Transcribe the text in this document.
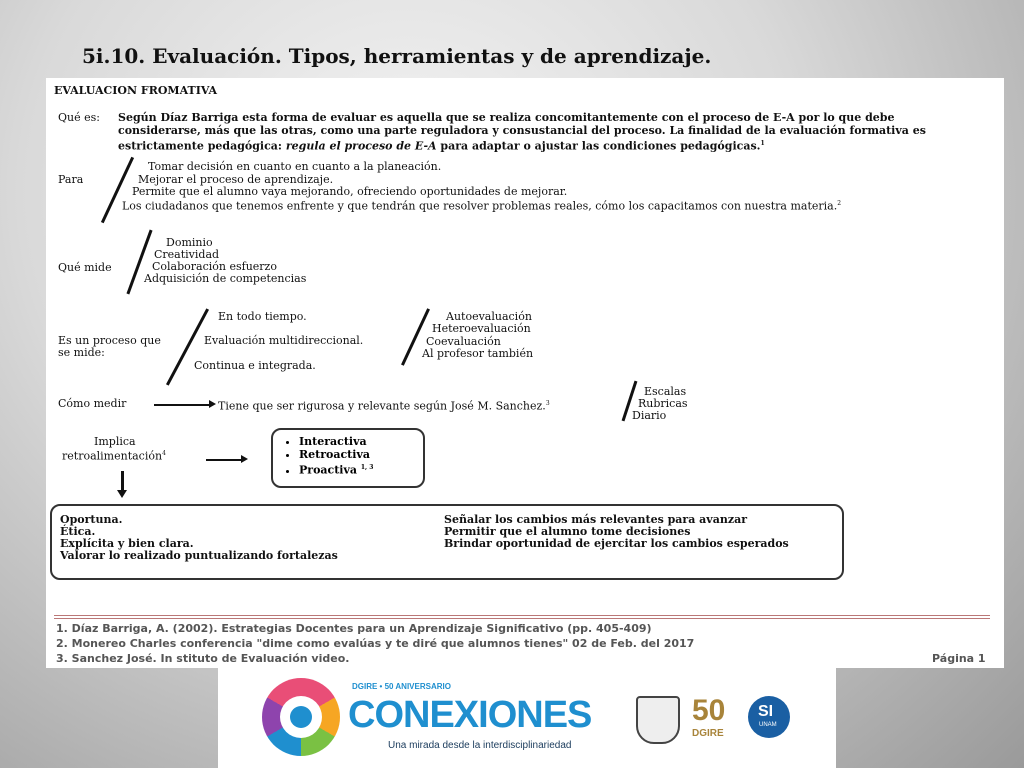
5i.10. Evaluación. Tipos, herramientas y de aprendizaje.
EVALUACION FROMATIVA
Qué es: Según Díaz Barriga esta forma de evaluar es aquella que se realiza concomitantemente con el proceso de E-A por lo que debe
considerarse, más que las otras, como una parte reguladora y consustancial del proceso. La finalidad de la evaluación formativa es
estrictamente pedagógica: regula el proceso de E-A para adaptar o ajustar las condiciones pedagógicas.$^1$
Para
Tomar decisión en cuanto en cuanto a la planeación.
Mejorar el proceso de aprendizaje.
Permite que el alumno vaya mejorando, ofreciendo oportunidades de mejorar.
Los ciudadanos que tenemos enfrente y que tendrán que resolver problemas reales, cómo los capacitamos con nuestra materia.$^2$
Qué mide
Dominio
Creatividad
Colaboración esfuerzo
Adquisición de competencias
Es un proceso que
se mide:
En todo tiempo.
Evaluación multidireccional.
Continua e integrada.
Autoevaluación
Heteroevaluación
Coevaluación
Al profesor también
Cómo medir	Tiene que ser rigurosa y relevante según José M. Sanchez.$^3$
Escalas
Rubricas
Diario
Implica
retroalimentación$^4$
• Interactiva
• Retroactiva
• Proactiva $^{1, 3}$
Oportuna.
Ética.
Explícita y bien clara.
Valorar lo realizado puntualizando fortalezas
Señalar los cambios más relevantes para avanzar
Permitir que el alumno tome decisiones
Brindar oportunidad de ejercitar los cambios esperados
1. Díaz Barriga, A. (2002). Estrategias Docentes para un Aprendizaje Significativo (pp. 405-409)
2. Monereo Charles conferencia "dime como evalúas y te diré que alumnos tienes" 02 de Feb. del 2017
3. Sanchez José. In stituto de Evaluación video.	Página 1
DGIRE • 50 ANIVERSARIO
CONEXIONES
Una mirada desde la interdisciplinariedad
50
DGIRE
SI
UNAM
